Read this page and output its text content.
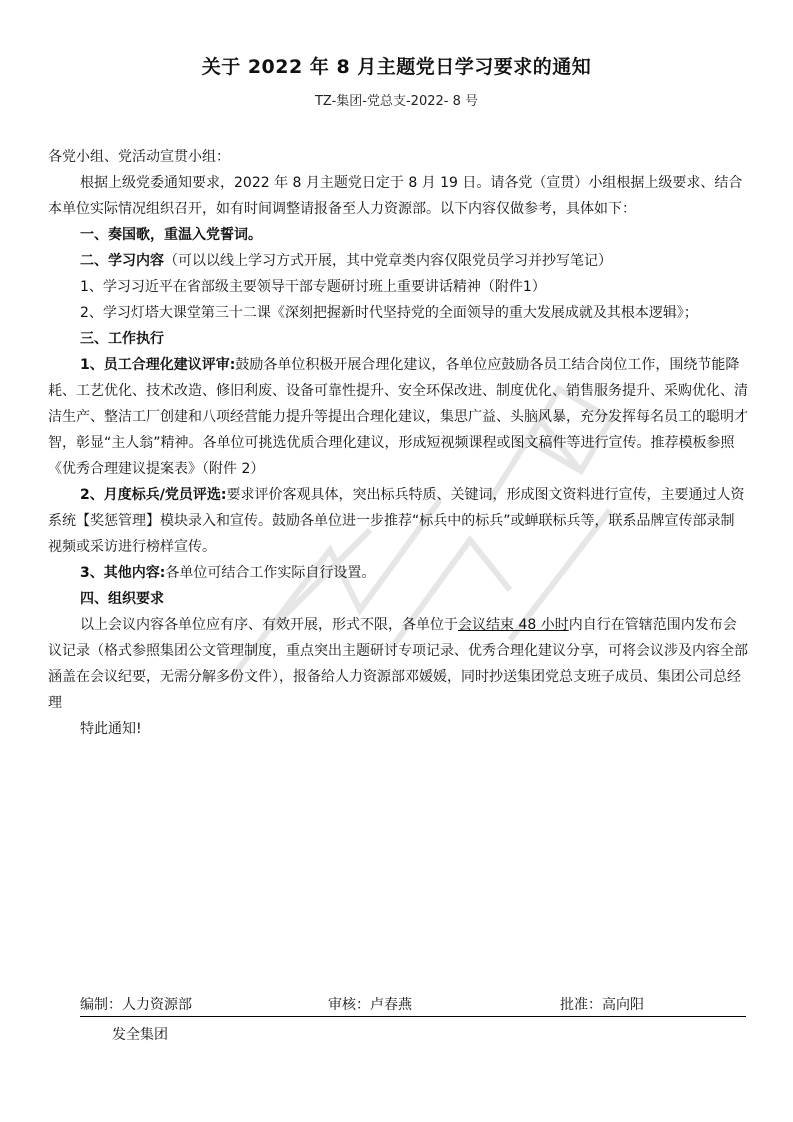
关于 2022 年 8 月主题党日学习要求的通知
TZ-集团-党总支-2022- 8 号

各党小组、党活动宣贯小组：

根据上级党委通知要求，2022 年 8 月主题党日定于 8 月 19 日。请各党（宣贯）小组根据上级要求、结合本单位实际情况组织召开，如有时间调整请报备至人力资源部。以下内容仅做参考，具体如下：

一、奏国歌，重温入党誓词。

二、学习内容（可以以线上学习方式开展，其中党章类内容仅限党员学习并抄写笔记）

1、学习习近平在省部级主要领导干部专题研讨班上重要讲话精神（附件1）

2、学习灯塔大课堂第三十二课《深刻把握新时代坚持党的全面领导的重大发展成就及其根本逻辑》；

三、工作执行

1、员工合理化建议评审:鼓励各单位积极开展合理化建议，各单位应鼓励各员工结合岗位工作，围绕节能降耗、工艺优化、技术改造、修旧利废、设备可靠性提升、安全环保改进、制度优化、销售服务提升、采购优化、清洁生产、整洁工厂创建和八项经营能力提升等提出合理化建议，集思广益、头脑风暴，充分发挥每名员工的聪明才智，彰显“主人翁”精神。各单位可挑选优质合理化建议，形成短视频课程或图文稿件等进行宣传。推荐模板参照《优秀合理建议提案表》（附件 2）

2、月度标兵/党员评选:要求评价客观具体，突出标兵特质、关键词，形成图文资料进行宣传，主要通过人资系统【奖惩管理】模块录入和宣传。鼓励各单位进一步推荐“标兵中的标兵”或蝉联标兵等，联系品牌宣传部录制视频或采访进行榜样宣传。

3、其他内容:各单位可结合工作实际自行设置。

四、组织要求

以上会议内容各单位应有序、有效开展，形式不限，各单位于会议结束 48 小时内自行在管辖范围内发布会议记录（格式参照集团公文管理制度，重点突出主题研讨专项记录、优秀合理化建议分享，可将会议涉及内容全部涵盖在会议纪要，无需分解多份文件），报备给人力资源部邓媛媛，同时抄送集团党总支班子成员、集团公司总经理

特此通知!

编制：人力资源部	审核：卢春燕	批准：高向阳
发全集团
